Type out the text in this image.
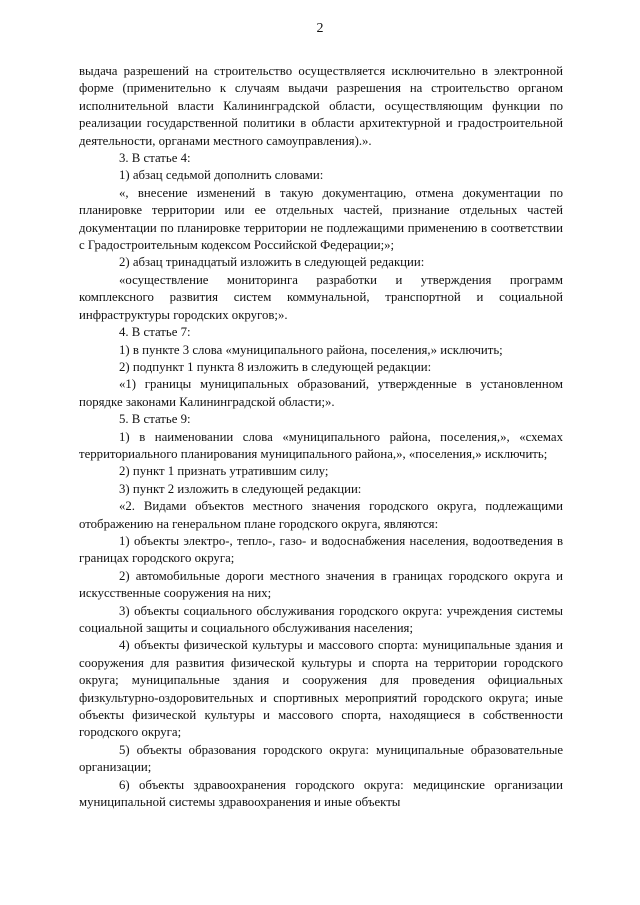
2

выдача разрешений на строительство осуществляется исключительно в электронной форме (применительно к случаям выдачи разрешения на строительство органом исполнительной власти Калининградской области, осуществляющим функции по реализации государственной политики в области архитектурной и градостроительной деятельности, органами местного самоуправления).».

3. В статье 4:

1) абзац седьмой дополнить словами:

«, внесение изменений в такую документацию, отмена документации по планировке территории или ее отдельных частей, признание отдельных частей документации по планировке территории не подлежащими применению в соответствии с Градостроительным кодексом Российской Федерации;»;

2) абзац тринадцатый изложить в следующей редакции:

«осуществление мониторинга разработки и утверждения программ комплексного развития систем коммунальной, транспортной и социальной инфраструктуры городских округов;».

4. В статье 7:

1) в пункте 3 слова «муниципального района, поселения,» исключить;

2) подпункт 1 пункта 8 изложить в следующей редакции:

«1) границы муниципальных образований, утвержденные в установленном порядке законами Калининградской области;».

5. В статье 9:

1) в наименовании слова «муниципального района, поселения,», «схемах территориального планирования муниципального района,», «поселения,» исключить;

2) пункт 1 признать утратившим силу;

3) пункт 2 изложить в следующей редакции:

«2. Видами объектов местного значения городского округа, подлежащими отображению на генеральном плане городского округа, являются:

1) объекты электро-, тепло-, газо- и водоснабжения населения, водоотведения в границах городского округа;

2) автомобильные дороги местного значения в границах городского округа и искусственные сооружения на них;

3) объекты социального обслуживания городского округа: учреждения системы социальной защиты и социального обслуживания населения;

4) объекты физической культуры и массового спорта: муниципальные здания и сооружения для развития физической культуры и спорта на территории городского округа; муниципальные здания и сооружения для проведения официальных физкультурно-оздоровительных и спортивных мероприятий городского округа; иные объекты физической культуры и массового спорта, находящиеся в собственности городского округа;

5) объекты образования городского округа: муниципальные образовательные организации;

6) объекты здравоохранения городского округа: медицинские организации муниципальной системы здравоохранения и иные объекты
